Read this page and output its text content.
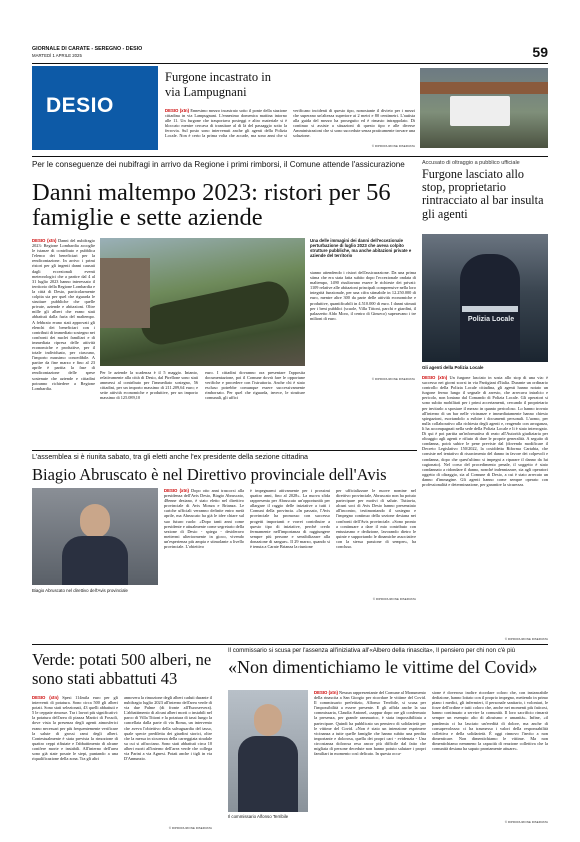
GIORNALE DI CARATE - SEREGNO - DESIO
MARTEDÌ 1 APRILE 2025	59
DESIO
Furgone incastrato in via Lampugnani

DESIO (xtn) Ennesimo mezzo incastrato sotto il ponte della stazione cittadina in via Lampugnani. L'ennesimo domenica mattina intorno alle 11. Un furgone che trasportava posteggi e altro materiale si è bloccato mentre cercava di transitare al di là del passaggio sotto la ferrovia. Sul posto sono intervenuti anche gli agenti della Polizia Locale. Non è certo la prima volta che accade, ma sono anni che si verificano incidenti di questo tipo, nonostante il divieto per i mezzi che superano un'altezza superiore ai 2 metri e 80 centimetri. L'autista alla guida del mezzo ha proseguito ed è rimasto intrappolato. Di continuo si assiste a situazioni di questo tipo e alle diverse Amministrazioni che si sono succedute senza praticamente trovare una soluzione.

© RIPRODUZIONE RISERVATA
Per le conseguenze dei nubifragi in arrivo da Regione i primi rimborsi, il Comune attende l'assicurazione
Danni maltempo 2023: ristori per 56 famiglie e sette aziende

DESIO (xtn) Danni del nubifragio 2023: Regione Lombardia accoglie le istanze di contributo e pubblica l'elenco dei beneficiari per la rendicontazione. In arrivo i primi ristori per gli ingenti danni causati dagli eccezionali eventi meteorologici che a partire dal 4 al 31 luglio 2023 hanno interessato il territorio della Regione Lombardia e la città di Desio, particolarmente colpita sia per quel che riguarda le strutture pubbliche che quelle private, aziende e abitazioni. Oltre mille gli alberi che erano stati abbattuti dalla furia del maltempo. A febbraio erano stati approvati gli elenchi dei beneficiari con i contributi di immediato sostegno nei confronti dei nuclei familiari e di immediata ripresa delle attività economiche e produttive, per il totale individuato, per ciascuno, l'importo massimo concedibile. A partire da fine marzo e fino al 23 aprile è partita la fase di rendicontazione delle spese sostenute che aziende e cittadini potranno richiedere a Regione Lombardia.

Una delle immagini dei danni dell'eccezionale perturbazione di luglio 2023 che aveva colpito strutture pubbliche, ma anche abitazioni private e aziende del territorio

stanno attendendo i ristori dell'assicurazione. Da una prima stima che era stata fatta subito dopo l'eccezionale ondata di maltempo, 1490 risultavano essere le richieste dei privati: 1109 relative alle abitazioni principali comprensive nella loro integrità funzionale, per una cifra stimabile in 12.250.000 di euro, mentre altre 300 da parte delle attività economiche e produttive, quantificabili in 4.510.000 di euro. I danni stimati per i beni pubblici (scuole, Villa Tittoni, parchi e giardini, il palazzetto Aldo Moro, il centro di Ginseco) superavano i tre milioni di euro.

Per le aziende la scadenza è il 5 maggio. Intanto, relativamente alla città di Desio, dal Pirellone sono stati ammessi al contributo per l'immediato sostegno, 56 cittadini, per un importo massimo di 211.209,64 euro; e sette attività economiche e produttive, per un importo massimo di 125.089,10

euro. I cittadini dovranno ora presentare l'apposita documentazione, poi il Comune dovrà fare le opportune verifiche e procedere con l'istruttoria. Anche chi è stato escluso potrebbe comunque essere successivamente rimborsato. Per quel che riguarda, invece, le strutture comunali, gli uffici

© RIPRODUZIONE RISERVATA
Accusato di oltraggio a pubblico ufficiale
Furgone lasciato allo stop, proprietario rintracciato al bar insulta gli agenti
Polizia Locale
Gli agenti della Polizia Locale

DESIO (xtn) Un furgone lasciato in sosta allo stop di una via: è successo nei giorni scorsi in via Partigiani d'Italia. Durante un ordinario controllo della Polizia Locale cittadina, gli agenti hanno notato un furgone fermo lungo il segnale di arresto, che arrecava intralcio e pericolo, non lontano dal Comando di Polizia Locale. Gli operatori si sono subito mobilitati per i primi accertamenti, cercando il proprietario per invitarlo a spostare il mezzo in quanto pericoloso. Lo hanno trovato all'interno di un bar nelle vicinanze e immediatamente hanno chiesto spiegazioni, esortandolo a esibire i documenti personali. L'uomo, per nulla collaborativo alla richiesta degli agenti e, reagendo con arroganza, li ha accompagnati nella sede della Polizia Locale e li è stato interrogato. Di qui è poi partita un'informativa di reato all'Autorità giudiziaria per oltraggio agli agenti e rifiuto di dare le proprie generalità. A seguito di condanna, potrà subire le pene previste dal (dovendo modificare il Decreto Legislativo 150/2022, la cosiddetta Riforma Cartabia, che consiste nel tentativo di risarcimento del danno in favore dei colpevoli e condanna, dopo che quest'ultimo si impegni a riparare il danno da lui cagionato). Nel corso del procedimento penale, il soggetto è stato condannato a ridondare il danno, nonché indennizzare, sia agli operatori oggetto di oltraggio, sia al Comune di Desio, a cui è stato arrecato un danno d'immagine. Gli agenti hanno come sempre operato con professionalità e determinazione, per garantire la sicurezza.

© RIPRODUZIONE RISERVATA
L'assemblea si è riunita sabato, tra gli eletti anche l'ex presidente della sezione cittadina
Biagio Abruscato è nel Direttivo provinciale dell'Avis
Biagio Abruscato nel direttivo dell'Avis provinciale

DESIO (xtn) Dopo otto anni trascorsi alla presidenza dell'Avis Desio, Biagio Abruscato, 48enne desiano, è stato eletto nel direttivo provinciale di Avis Monza e Brianza. Le cariche ufficiali verranno definite entro metà aprile, ma Abruscato ha già le idee chiare sul suo futuro ruolo: «Dopo tanti anni come presidente e attualmente come segretario della sezione di Desio - spiega - desideravo mettermi ulteriormente in gioco, vivendo un'esperienza più ampia e stimolante a livello provinciale. L'obiettivo

è impegnarmi attivamente per i prossimi quattro anni, fino al 2028». La nuova sfida rappresenta per Abruscato un'opportunità per allargare il raggio delle iniziative a tutti i Comuni della provincia. «In passato, l'Avis provinciale ha promosso con successo progetti importanti e vorrei contribuire a questo tipo di iniziative, perché credo fermamente nell'importanza di raggiungere sempre più persone e sensibilizzare alla donazione di sangue». Il 29 marzo, quando si è tenuta a Carate Brianza la riunione

per ufficializzare le nuove nomine nel direttivo provinciale, Abruscato non ha potuto partecipare per motivi di salute. Tuttavia, alcuni soci di Avis Desio hanno presenziato all'incontro, testimoniando il sostegno e l'impegno continuo della sezione desiana nei confronti dell'Avis provinciale. «Sono pronto a continuare a dare il mio contributo con entusiasmo e dedizione, lavorando dietro le quinte e supportando le dinamiche associative con la stessa passione di sempre», ha concluso.

© RIPRODUZIONE RISERVATA
Verde: potati 500 alberi, ne sono stati abbattuti 43

DESIO (xtn) Spesi 114mila euro per gli interventi di potatura. Sono circa 500 gli alberi potati. Sono stati selezionati, 43 quelli abbattuti e 5 le ceppaie rimosse. Tra i lavori più significativi: la potatura dell'area di piazza Martiri di Fossoli, dove vista la presenza degli agenti atmosferici erano necessari per più frequentemente verificare la salute di grossi rami degli alberi. Contestualmente è stata prevista la rimozione di quattro ceppi rifiutate e l'abbattimento di alcune conifere morte e instabili. All'interno dell'area sono già state posate le siepi, puntando a una riqualificazione della zona. Tra gli altri

annovera la rimozione degli alberi caduti durante il nubifragio luglio 2023 all'interno dell'area verde di via due Palme (di fronte all'Euroservera). L'abbattimento di alcuni alberi morti o instabili nel parco di Villa Tittoni e la potatura di tassi lungo la cancellata dalla parte di via Roma, un intervento che aveva l'obiettivo della salvaguardia del tasso, quale specie prediletta dei giardini storici, oltre che la messa in sicurezza della carreggiata stradale su cui si affacciano. Sono stati abbattuti circa 10 alberi morti all'interno dell'area verde che collega via Parini a via Agnesi. Potati anche i tigli in via D'Annunzio.

© RIPRODUZIONE RISERVATA
Il commissario si scusa per l'assenza all'iniziativa all'«Albero della rinascita», Il pensiero per chi non c'è più
«Non dimentichiamo le vittime del Covid»
Il commissario Alfonso Terribile

DESIO (xtn) Nessun rappresentante del Comune al Monumento della rinascita a San Giorgio per ricordare le vittime del Covid. Il commissario prefettizio, Alfonso Terribile, si scusa per l'impossibilità a essere presente. E gli affida anche la sua commissaria, Claudia Antonel, «sappur dopo ore gli confermato la presenza, per grande rammarico, è stata impossibilitata a partecipare. Quindi ha pubblicato un pensiero di solidarietà per le vittime del Covid. «Non è stato un intenzione esprimere vicinanza a tutte quelle famiglie che hanno subito una perdita importante e dolorosa, quella dei propri cari - evidenzia - Una circostanza dolorosa resa ancor più difficile dal fatto che migliaia di persone decedute non hanno potuto salutare i propri familiari in momento così delicato. In questa occa-

sione è doveroso inoltre ricordare coloro che, con instancabile dedizione, hanno lottato con il proprio impegno, mettendo in primo piano i medici, gli infermieri, il personale sanitario, i volontari, le forze dell'ordine e tutti coloro che, anche nei momenti più faticosi, hanno continuato a servire la comunità. Il loro sacrificio rimarrà sempre un esempio alto di altruismo e umanità». Infine, «il pandemia ci ha lasciato un'eredità di dolore, ma anche di consapevolezza: ci ha trasmesso i valori della responsabilità collettiva e della solidarietà. È oggi rinnovo l'invito a non dimenticare. Non dimentichiamo le vittime. Ma non dimentichiamo nemmeno la capacità di reazione collettiva che la comunità desiana ha saputo prontamente attuare».

© RIPRODUZIONE RISERVATA
